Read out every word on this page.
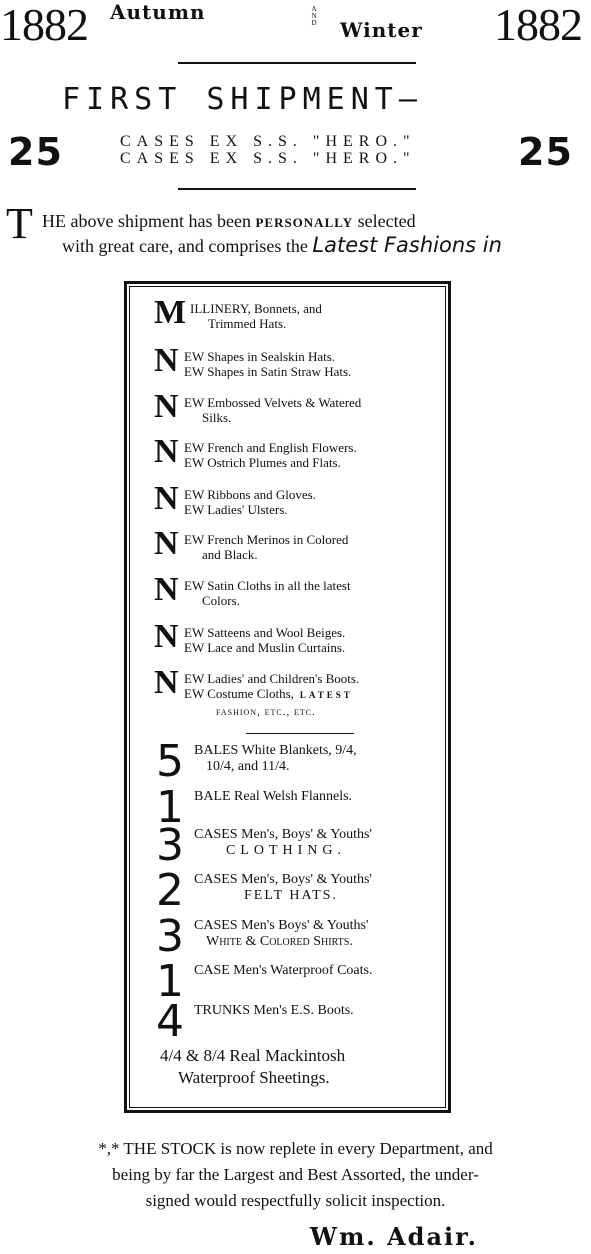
1882 Autumn	A
N
D Winter 1882
FIRST SHIPMENT—
25	CASES EX S.S. "HERO."
CASES EX S.S. "HERO."	25
T HE above shipment has been personally selected
with great care, and comprises the Latest Fashions in
M ILLINERY, Bonnets, and
Trimmed Hats.
N EW Shapes in Sealskin Hats.
EW Shapes in Satin Straw Hats.
N EW Embossed Velvets & Watered
Silks.
N EW French and English Flowers.
EW Ostrich Plumes and Flats.
N EW Ribbons and Gloves.
EW Ladies' Ulsters.
N EW French Merinos in Colored
and Black.
N EW Satin Cloths in all the latest
Colors.
N EW Satteens and Wool Beiges.
EW Lace and Muslin Curtains.
N EW Ladies' and Children's Boots.
EW Costume Cloths, latest
fashion, etc., etc.
5 BALES White Blankets, 9/4,
10/4, and 11/4.
1 BALE Real Welsh Flannels.
3 CASES Men's, Boys' & Youths'
CLOTHING.
2 CASES Men's, Boys' & Youths'
FELT HATS.
3 CASES Men's Boys' & Youths'
White & Colored Shirts.
1 CASE Men's Waterproof Coats.
4 TRUNKS Men's E.S. Boots.
4/4 & 8/4 Real Mackintosh
Waterproof Sheetings.
*,* THE STOCK is now replete in every Department, and
being by far the Largest and Best Assorted, the under-
signed would respectfully solicit inspection.
Wm. Adair.
